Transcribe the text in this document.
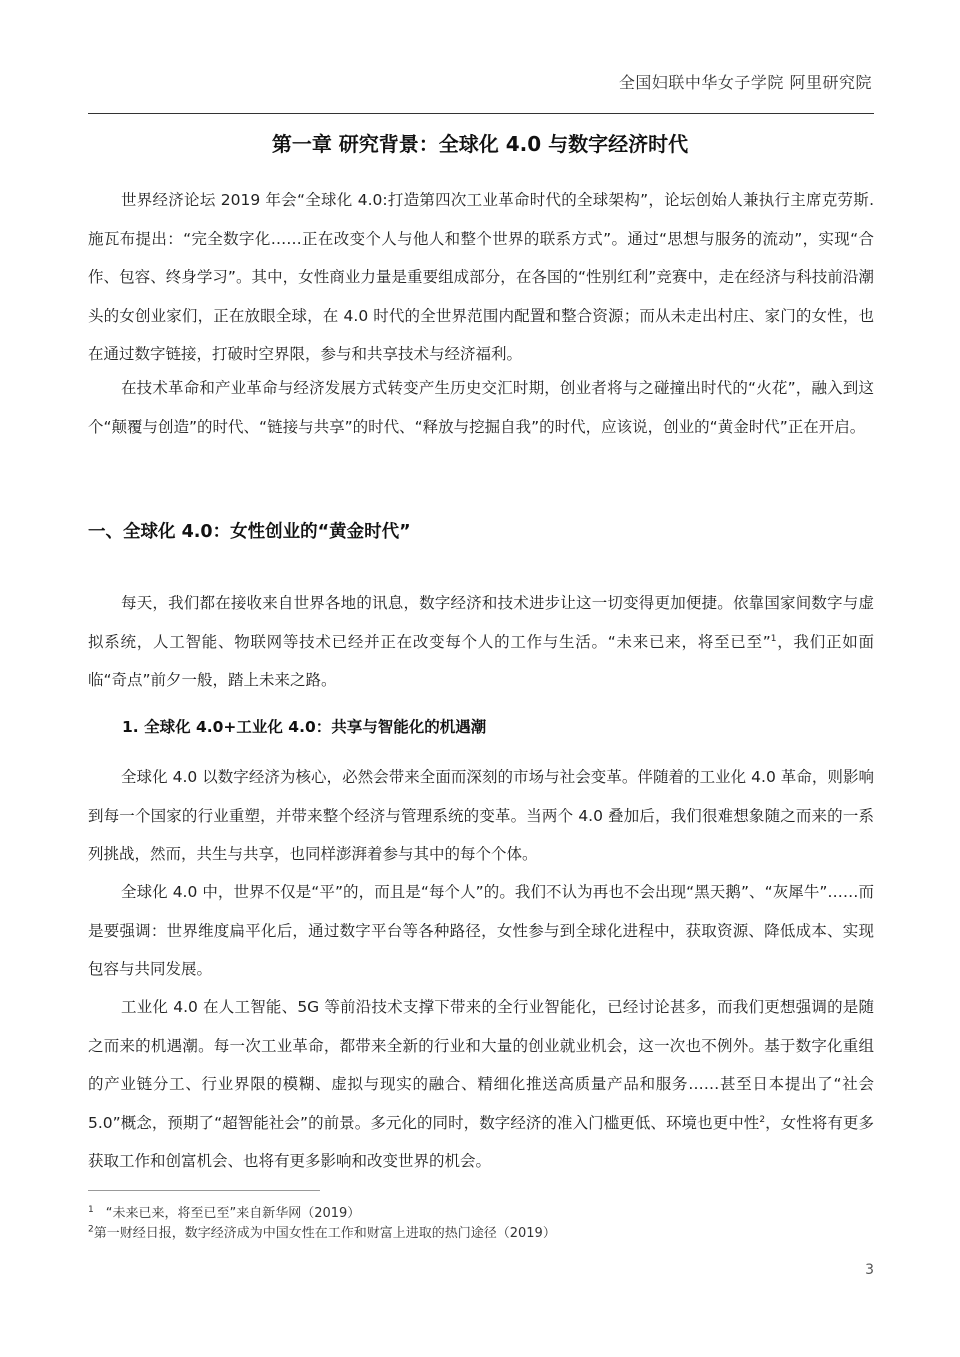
全国妇联中华女子学院 阿里研究院
第一章 研究背景：全球化 4.0 与数字经济时代

世界经济论坛 2019 年会“全球化 4.0:打造第四次工业革命时代的全球架构”，论坛创始人兼执行主席克劳斯.施瓦布提出：“完全数字化……正在改变个人与他人和整个世界的联系方式”。通过“思想与服务的流动”，实现“合作、包容、终身学习”。其中，女性商业力量是重要组成部分，在各国的“性别红利”竞赛中，走在经济与科技前沿潮头的女创业家们，正在放眼全球，在 4.0 时代的全世界范围内配置和整合资源；而从未走出村庄、家门的女性，也在通过数字链接，打破时空界限，参与和共享技术与经济福利。

在技术革命和产业革命与经济发展方式转变产生历史交汇时期，创业者将与之碰撞出时代的“火花”，融入到这个“颠覆与创造”的时代、“链接与共享”的时代、“释放与挖掘自我”的时代，应该说，创业的“黄金时代”正在开启。

一、全球化 4.0：女性创业的“黄金时代”

每天，我们都在接收来自世界各地的讯息，数字经济和技术进步让这一切变得更加便捷。依靠国家间数字与虚拟系统，人工智能、物联网等技术已经并正在改变每个人的工作与生活。“未来已来，将至已至”$^1$，我们正如面临“奇点”前夕一般，踏上未来之路。

1. 全球化 4.0+工业化 4.0：共享与智能化的机遇潮

全球化 4.0 以数字经济为核心，必然会带来全面而深刻的市场与社会变革。伴随着的工业化 4.0 革命，则影响到每一个国家的行业重塑，并带来整个经济与管理系统的变革。当两个 4.0 叠加后，我们很难想象随之而来的一系列挑战，然而，共生与共享，也同样澎湃着参与其中的每个个体。

全球化 4.0 中，世界不仅是“平”的，而且是“每个人”的。我们不认为再也不会出现“黑天鹅”、“灰犀牛”……而是要强调：世界维度扁平化后，通过数字平台等各种路径，女性参与到全球化进程中，获取资源、降低成本、实现包容与共同发展。

工业化 4.0 在人工智能、5G 等前沿技术支撑下带来的全行业智能化，已经讨论甚多，而我们更想强调的是随之而来的机遇潮。每一次工业革命，都带来全新的行业和大量的创业就业机会，这一次也不例外。基于数字化重组的产业链分工、行业界限的模糊、虚拟与现实的融合、精细化推送高质量产品和服务……甚至日本提出了“社会 5.0”概念，预期了“超智能社会”的前景。多元化的同时，数字经济的准入门槛更低、环境也更中性$^2$，女性将有更多获取工作和创富机会、也将有更多影响和改变世界的机会。

$^1$ “未来已来，将至已至”来自新华网（2019）

$^2$第一财经日报，数字经济成为中国女性在工作和财富上进取的热门途径（2019）

3
